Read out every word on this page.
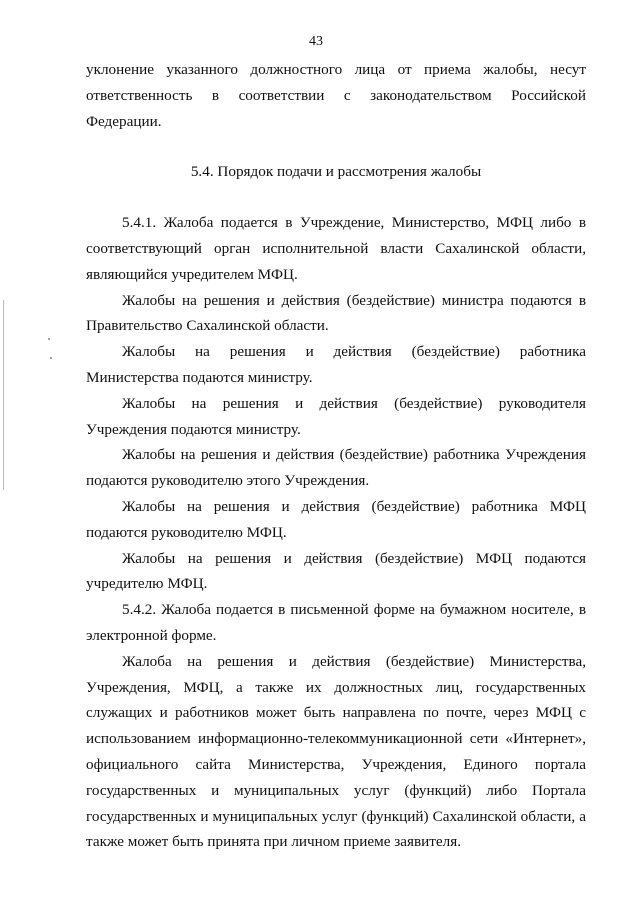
43

уклонение указанного должностного лица от приема жалобы, несут ответственность в соответствии с законодательством Российской Федерации.

5.4. Порядок подачи и рассмотрения жалобы

5.4.1. Жалоба подается в Учреждение, Министерство, МФЦ либо в соответствующий орган исполнительной власти Сахалинской области, являющийся учредителем МФЦ.

Жалобы на решения и действия (бездействие) министра подаются в Правительство Сахалинской области.

Жалобы на решения и действия (бездействие) работника Министерства подаются министру.

Жалобы на решения и действия (бездействие) руководителя Учреждения подаются министру.

Жалобы на решения и действия (бездействие) работника Учреждения подаются руководителю этого Учреждения.

Жалобы на решения и действия (бездействие) работника МФЦ подаются руководителю МФЦ.

Жалобы на решения и действия (бездействие) МФЦ подаются учредителю МФЦ.

5.4.2. Жалоба подается в письменной форме на бумажном носителе, в электронной форме.

Жалоба на решения и действия (бездействие) Министерства, Учреждения, МФЦ, а также их должностных лиц, государственных служащих и работников может быть направлена по почте, через МФЦ с использованием информационно-телекоммуникационной сети «Интернет», официального сайта Министерства, Учреждения, Единого портала государственных и муниципальных услуг (функций) либо Портала государственных и муниципальных услуг (функций) Сахалинской области, а также может быть принята при личном приеме заявителя.
